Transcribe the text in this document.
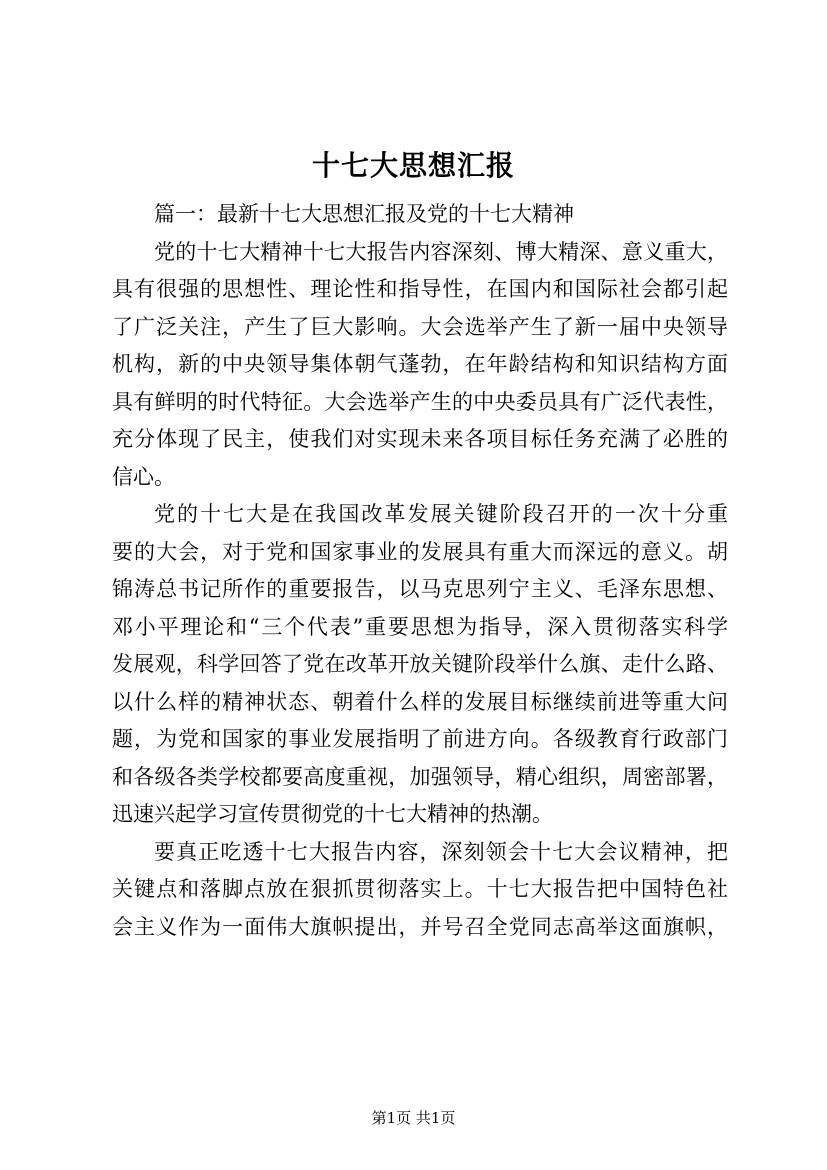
十七大思想汇报
篇一：最新十七大思想汇报及党的十七大精神
党的十七大精神十七大报告内容深刻、博大精深、意义重大，
具有很强的思想性、理论性和指导性，在国内和国际社会都引起
了广泛关注，产生了巨大影响。大会选举产生了新一届中央领导
机构，新的中央领导集体朝气蓬勃，在年龄结构和知识结构方面
具有鲜明的时代特征。大会选举产生的中央委员具有广泛代表性，
充分体现了民主，使我们对实现未来各项目标任务充满了必胜的
信心。
党的十七大是在我国改革发展关键阶段召开的一次十分重
要的大会，对于党和国家事业的发展具有重大而深远的意义。胡
锦涛总书记所作的重要报告，以马克思列宁主义、毛泽东思想、
邓小平理论和“三个代表”重要思想为指导，深入贯彻落实科学
发展观，科学回答了党在改革开放关键阶段举什么旗、走什么路、
以什么样的精神状态、朝着什么样的发展目标继续前进等重大问
题，为党和国家的事业发展指明了前进方向。各级教育行政部门
和各级各类学校都要高度重视，加强领导，精心组织，周密部署，
迅速兴起学习宣传贯彻党的十七大精神的热潮。
要真正吃透十七大报告内容，深刻领会十七大会议精神，把
关键点和落脚点放在狠抓贯彻落实上。十七大报告把中国特色社
会主义作为一面伟大旗帜提出，并号召全党同志高举这面旗帜，
第1页 共1页
